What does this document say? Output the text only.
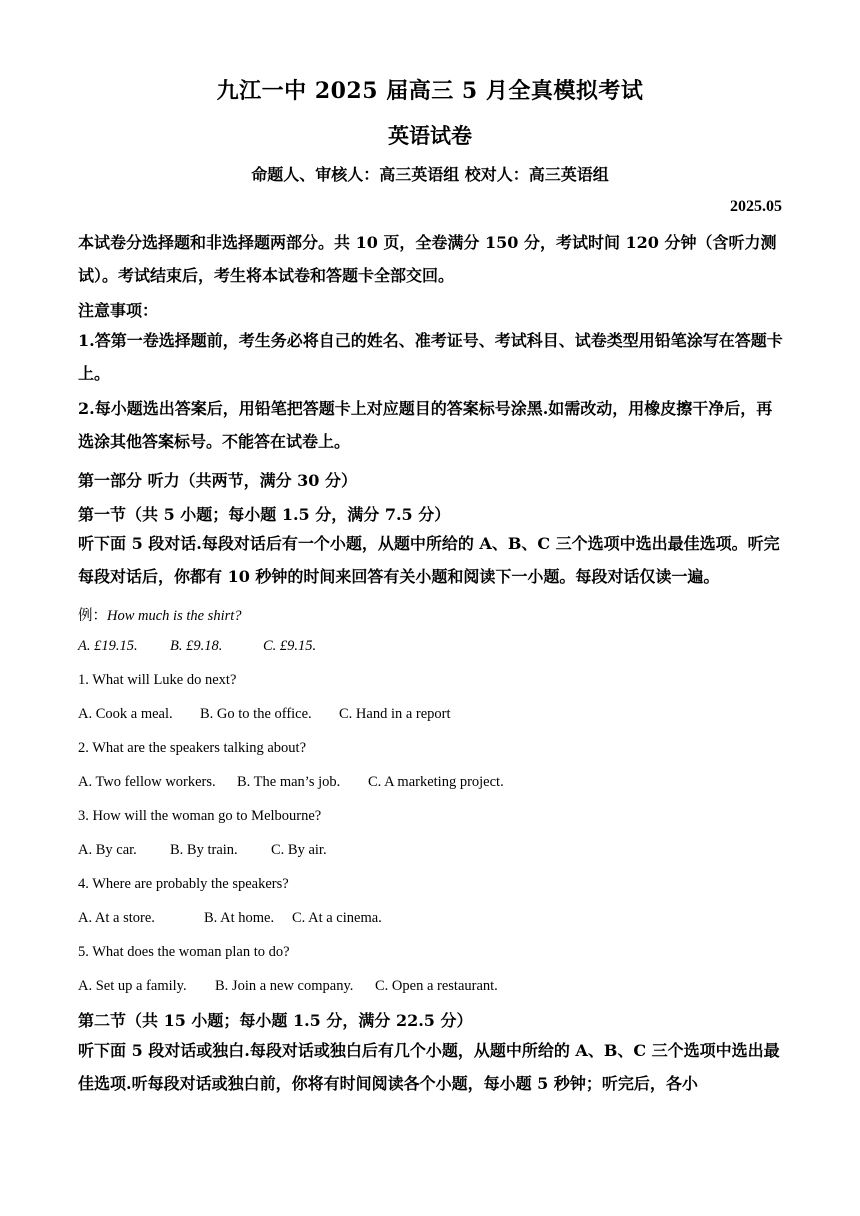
九江一中 2025 届高三 5 月全真模拟考试
英语试卷
命题人、审核人：高三英语组 校对人：高三英语组
2025.05
本试卷分选择题和非选择题两部分。共 10 页，全卷满分 150 分，考试时间 120 分钟（含听力测试）。考试结束后，考生将本试卷和答题卡全部交回。
注意事项：
1.答第一卷选择题前，考生务必将自己的姓名、准考证号、考试科目、试卷类型用铅笔涂写在答题卡上。
2.每小题选出答案后，用铅笔把答题卡上对应题目的答案标号涂黑.如需改动，用橡皮擦干净后，再选涂其他答案标号。不能答在试卷上。
第一部分 听力（共两节，满分 30 分）
第一节（共 5 小题；每小题 1.5 分，满分 7.5 分）
听下面 5 段对话.每段对话后有一个小题，从题中所给的 A、B、C 三个选项中选出最佳选项。听完每段对话后，你都有 10 秒钟的时间来回答有关小题和阅读下一小题。每段对话仅读一遍。
例：How much is the shirt?
A. £19.15. B. £9.18.	C. £9.15.
1. What will Luke do next?
A. Cook a meal. B. Go to the office. C. Hand in a report
2. What are the speakers talking about?
A. Two fellow workers. B. The man’s job. C. A marketing project.
3. How will the woman go to Melbourne?
A. By car. B. By train. C. By air.
4. Where are probably the speakers?
A. At a store.	B. At home. C. At a cinema.
5. What does the woman plan to do?
A. Set up a family. B. Join a new company. C. Open a restaurant.
第二节（共 15 小题；每小题 1.5 分，满分 22.5 分）
听下面 5 段对话或独白.每段对话或独白后有几个小题，从题中所给的 A、B、C 三个选项中选出最佳选项.听每段对话或独白前，你将有时间阅读各个小题，每小题 5 秒钟；听完后，各小
